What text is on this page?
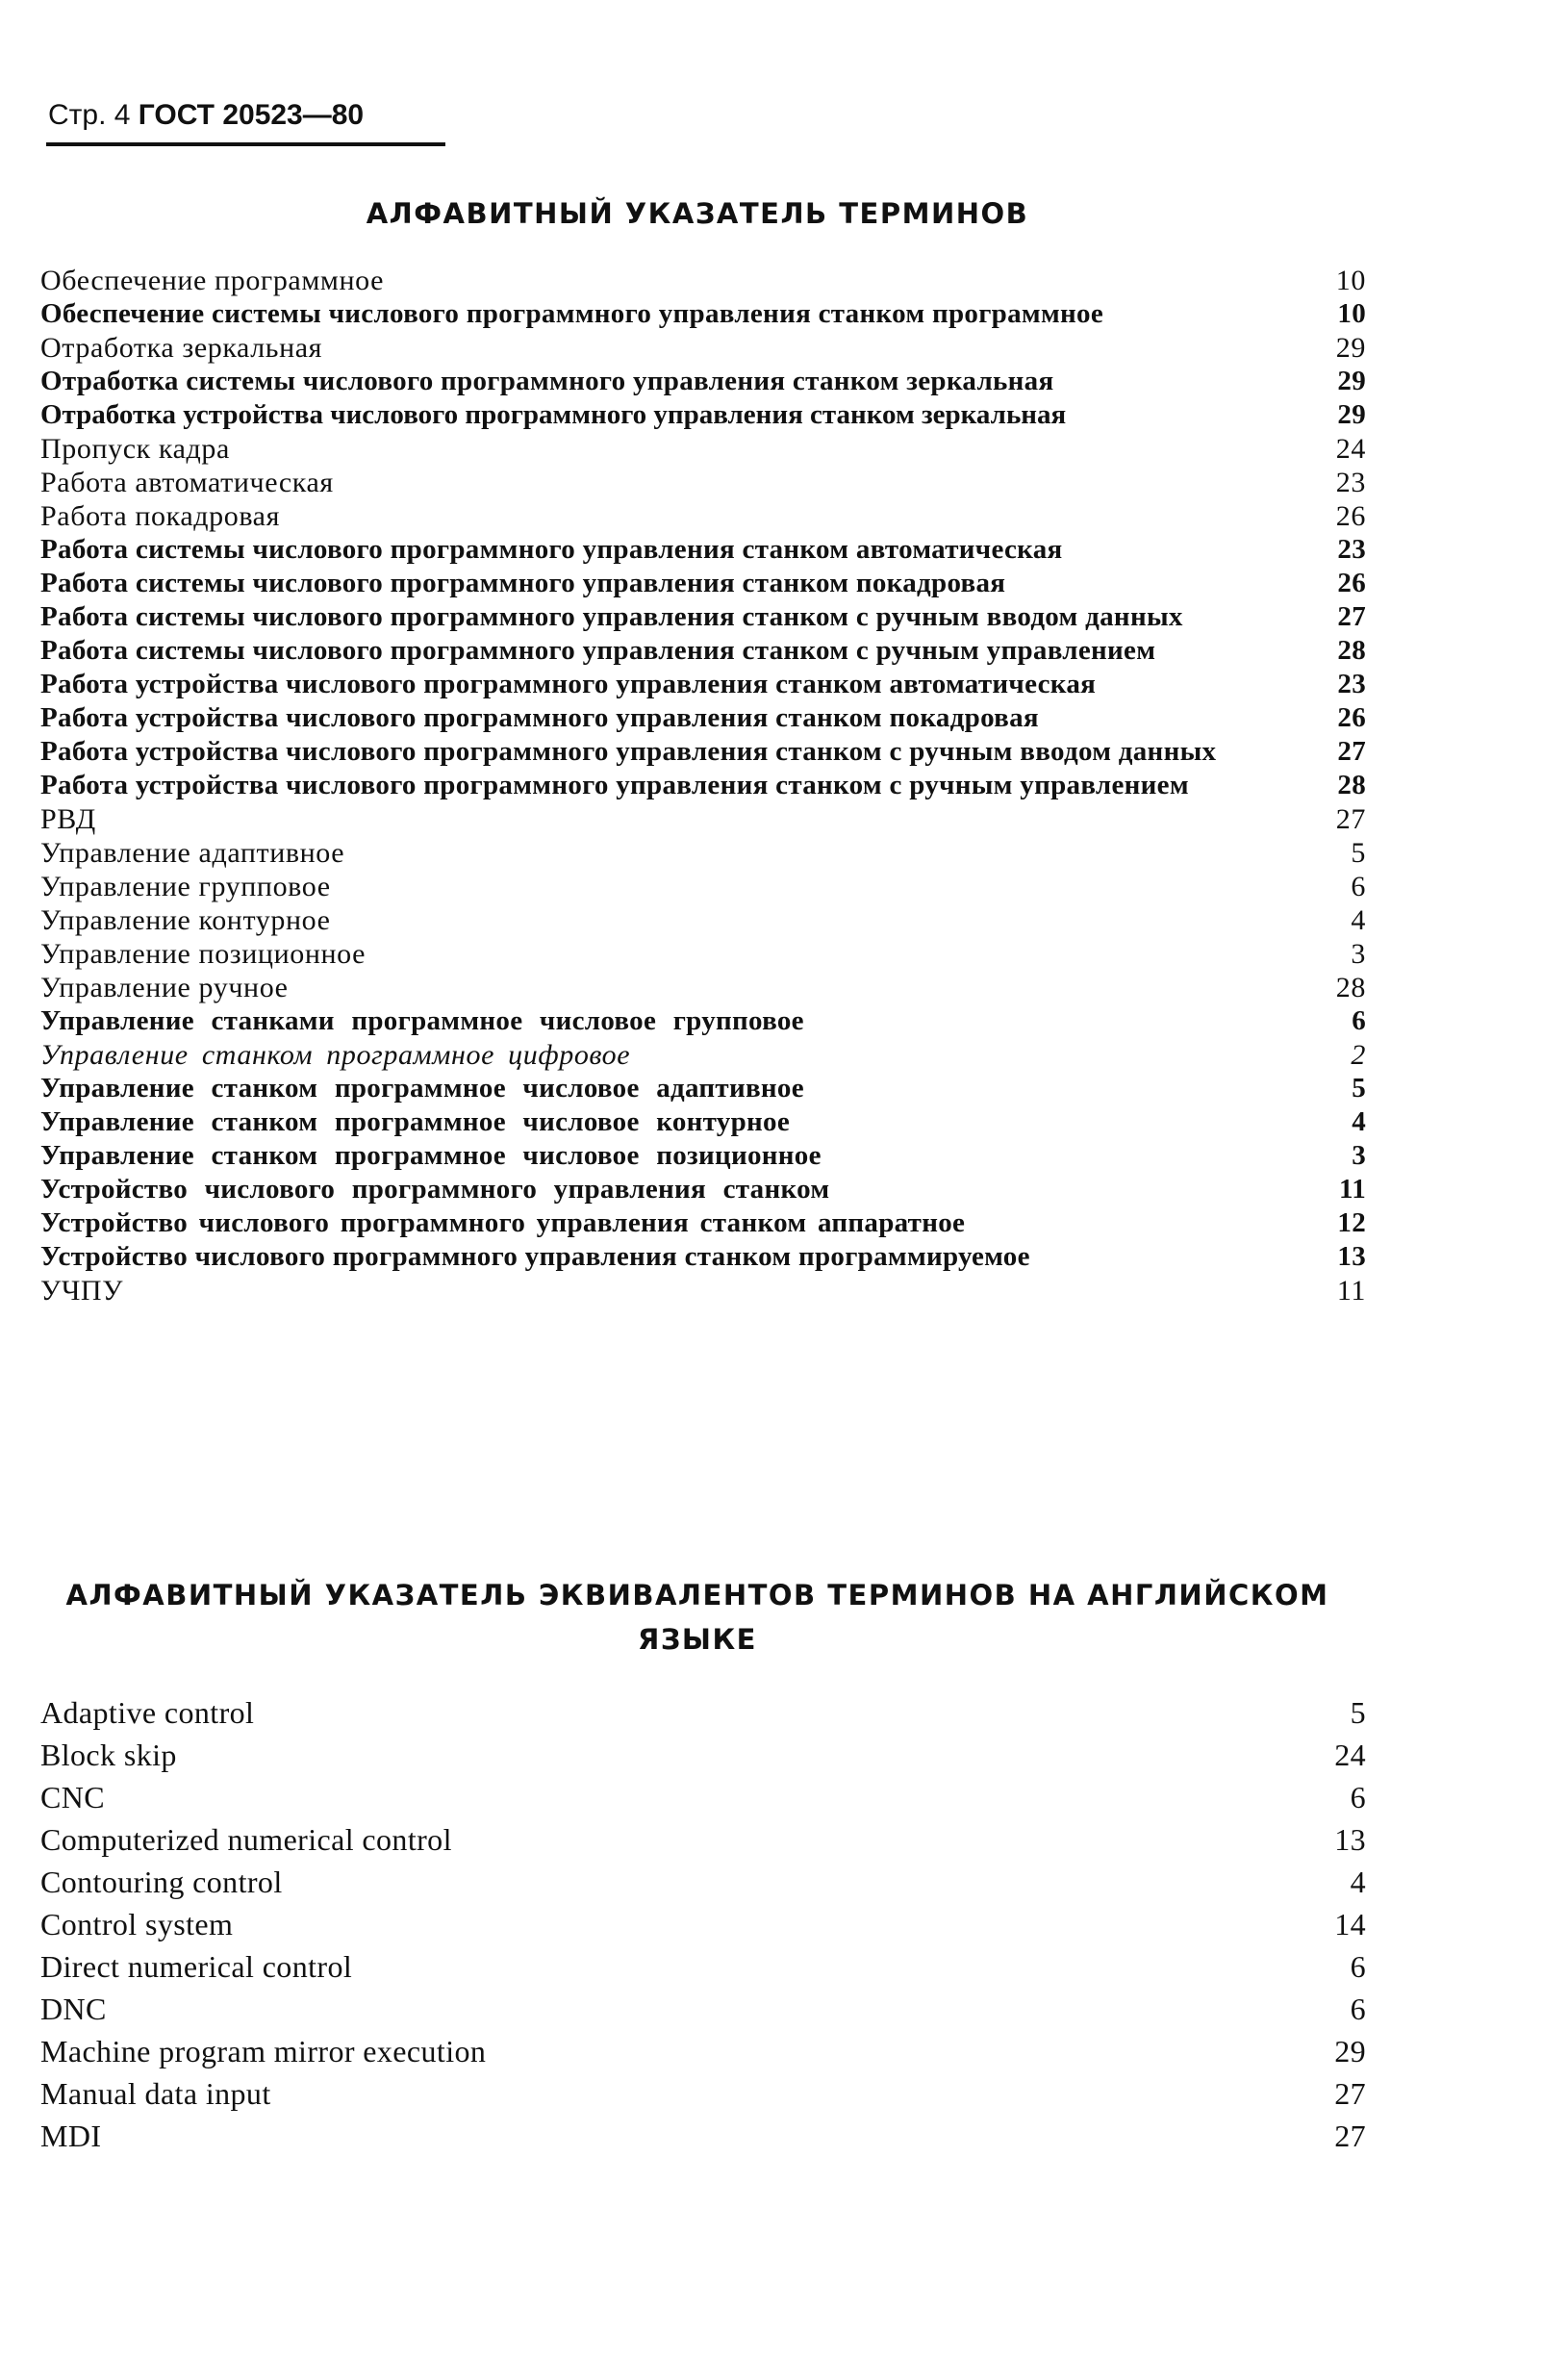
Стр. 4 ГОСТ 20523—80
АЛФАВИТНЫЙ УКАЗАТЕЛЬ ТЕРМИНОВ
Обеспечение программное	10
Обеспечение системы числового программного управления станком программное	10
Отработка зеркальная	29
Отработка системы числового программного управления станком зеркальная	29
Отработка устройства числового программного управления станком зеркальная	29
Пропуск кадра	24
Работа автоматическая	23
Работа покадровая	26
Работа системы числового программного управления станком автоматическая	23
Работа системы числового программного управления станком покадровая	26
Работа системы числового программного управления станком с ручным вводом данных	27
Работа системы числового программного управления станком с ручным управлением	28
Работа устройства числового программного управления станком автоматическая	23
Работа устройства числового программного управления станком покадровая	26
Работа устройства числового программного управления станком с ручным вводом данных	27
Работа устройства числового программного управления станком с ручным управлением	28
РВД	27
Управление адаптивное	5
Управление групповое	6
Управление контурное	4
Управление позиционное	3
Управление ручное	28
Управление станками программное числовое групповое	6
Управление станком программное цифровое	2
Управление станком программное числовое адаптивное	5
Управление станком программное числовое контурное	4
Управление станком программное числовое позиционное	3
Устройство числового программного управления станком	11
Устройство числового программного управления станком аппаратное	12
Устройство числового программного управления станком программируемое	13
УЧПУ	11
АЛФАВИТНЫЙ УКАЗАТЕЛЬ ЭКВИВАЛЕНТОВ ТЕРМИНОВ НА АНГЛИЙСКОМ
ЯЗЫКЕ
Adaptive control	5
Block skip	24
CNC	6
Computerized numerical control	13
Contouring control	4
Control system	14
Direct numerical control	6
DNC	6
Machine program mirror execution	29
Manual data input	27
MDI	27
